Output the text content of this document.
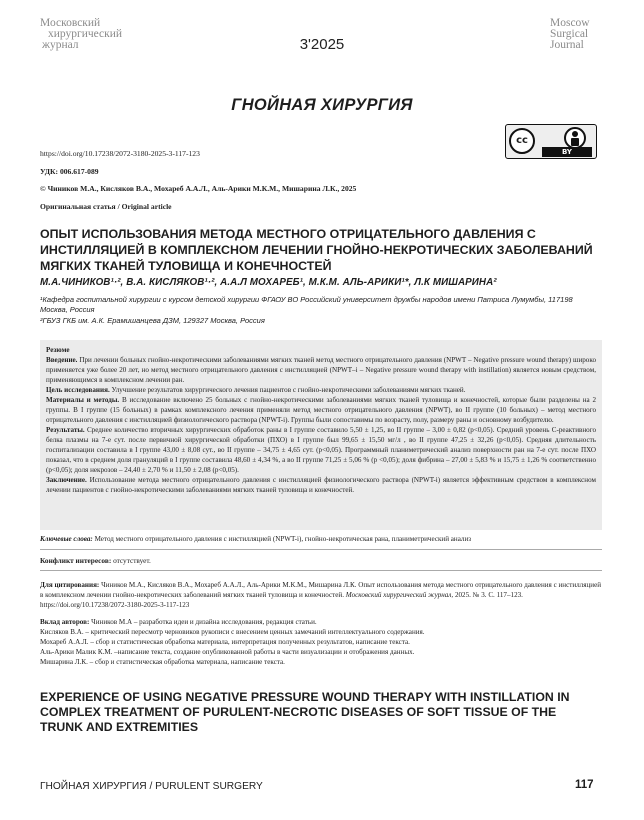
Московский
хирургический
журнал	3'2025
Moscow
Surgical
Journal
ГНОЙНАЯ ХИРУРГИЯ
cc
BY
https://doi.org/10.17238/2072-3180-2025-3-117-123
УДК: 006.617-089
© Чиников М.А., Кисляков В.А., Мохареб А.А.Л., Аль-Арики М.К.М., Мишарина Л.К., 2025
Оригинальная статья / Original article
ОПЫТ ИСПОЛЬЗОВАНИЯ МЕТОДА МЕСТНОГО ОТРИЦАТЕЛЬНОГО ДАВЛЕНИЯ С ИНСТИЛЛЯЦИЕЙ В КОМПЛЕКСНОМ ЛЕЧЕНИИ ГНОЙНО-НЕКРОТИЧЕСКИХ ЗАБОЛЕВАНИЙ МЯГКИХ ТКАНЕЙ ТУЛОВИЩА И КОНЕЧНОСТЕЙ
М.А.ЧИНИКОВ¹·², В.А. КИСЛЯКОВ¹·², А.А.Л МОХАРЕБ¹, М.К.М. АЛЬ-АРИКИ¹*, Л.К МИШАРИНА²
¹Кафедра госпитальной хирургии с курсом детской хирургии ФГАОУ ВО Российский университет дружбы народов имени Патриса Лумумбы, 117198 Москва, Россия
²ГБУЗ ГКБ им. А.К. Ерамишанцева ДЗМ, 129327 Москва, Россия

Резюме

Введение. При лечении больных гнойно-некротическими заболеваниями мягких тканей метод местного отрицательного давления (NPWT – Negative pressure wound therapy) широко применяется уже более 20 лет, но метод местного отрицательного давления с инстилляцией (NPWT–i – Negative pressure wound therapy with instillation) является новым средством, применяющимся в комплексном лечении ран.

Цель исследования. Улучшение результатов хирургического лечения пациентов с гнойно-некротическими заболеваниями мягких тканей.

Материалы и методы. В исследование включено 25 больных с гнойно-некротическими заболеваниями мягких тканей туловища и конечностей, которые были разделены на 2 группы. В I группе (15 больных) в рамках комплексного лечения применяли метод местного отрицательного давления (NPWT), во II группе (10 больных) – метод местного отрицательного давления с инстилляцией физиологического раствора (NPWT-i). Группы были сопоставимы по возрасту, полу, размеру раны и основному возбудителю.

Результаты. Среднее количество вторичных хирургических обработок раны в I группе составило 5,50 ± 1,25, во II группе – 3,00 ± 0,82 (p<0,05). Средний уровень С-реактивного белка плазмы на 7-е сут. после первичной хирургической обработки (ПХО) в I группе был 99,65 ± 15,50 мг/л , во II группе 47,25 ± 32,26 (p<0,05). Средняя длительность госпитализации составила в I группе 43,00 ± 8,08 сут., во II группе – 34,75 ± 4,65 сут. (p<0,05). Программный планиметрический анализ поверхности ран на 7-е сут. после ПХО показал, что в среднем доля грануляций в I группе составила 48,60 ± 4,34 %, а во II группе 71,25 ± 5,06 % (p <0,05); доля фибрина – 27,00 ± 5,83 % и 15,75 ± 1,26 % соответственно (p<0,05); доля некрозов – 24,40 ± 2,70 % и 11,50 ± 2,08 (p<0,05).

Заключение. Использование метода местного отрицательного давления с инстилляцией физиологического раствора (NPWT-i) является эффективным средством в комплексном лечении пациентов с гнойно-некротическими заболеваниями мягких тканей туловища и конечностей.

Ключевые слова: Метод местного отрицательного давления с инстилляцией (NPWT-i), гнойно-некротическая рана, планиметрический анализ
Конфликт интересов: отсутствует.

Для цитирования: Чиников М.А., Кисляков В.А., Мохареб А.А.Л., Аль-Арики М.К.М., Мишарина Л.К. Опыт использования метода местного отрицательного давления с инстилляцией в комплексном лечении гнойно-некротических заболеваний мягких тканей туловища и конечностей. Московский хирургический журнал, 2025. № 3. С. 117–123. https://doi.org/10.17238/2072-3180-2025-3-117-123

Вклад авторов: Чиников М.А – разработка идеи и дизайна исследования, редакция статьи.

Кисляков В.А. – критический пересмотр черновиков рукописи с внесением ценных замечаний интеллектуального содержания.

Мохареб А.А.Л. – сбор и статистическая обработка материала, интерпретация полученных результатов, написание текста.

Аль-Арики Малик К.М. –написание текста, создание опубликованной работы в части визуализации и отображения данных.

Мишарина Л.К. – сбор и статистическая обработка материала, написание текста.

EXPERIENCE OF USING NEGATIVE PRESSURE WOUND THERAPY WITH INSTILLATION IN COMPLEX TREATMENT OF PURULENT-NECROTIC DISEASES OF SOFT TISSUE OF THE TRUNK AND EXTREMITIES
ГНОЙНАЯ ХИРУРГИЯ / PURULENT SURGERY	117
